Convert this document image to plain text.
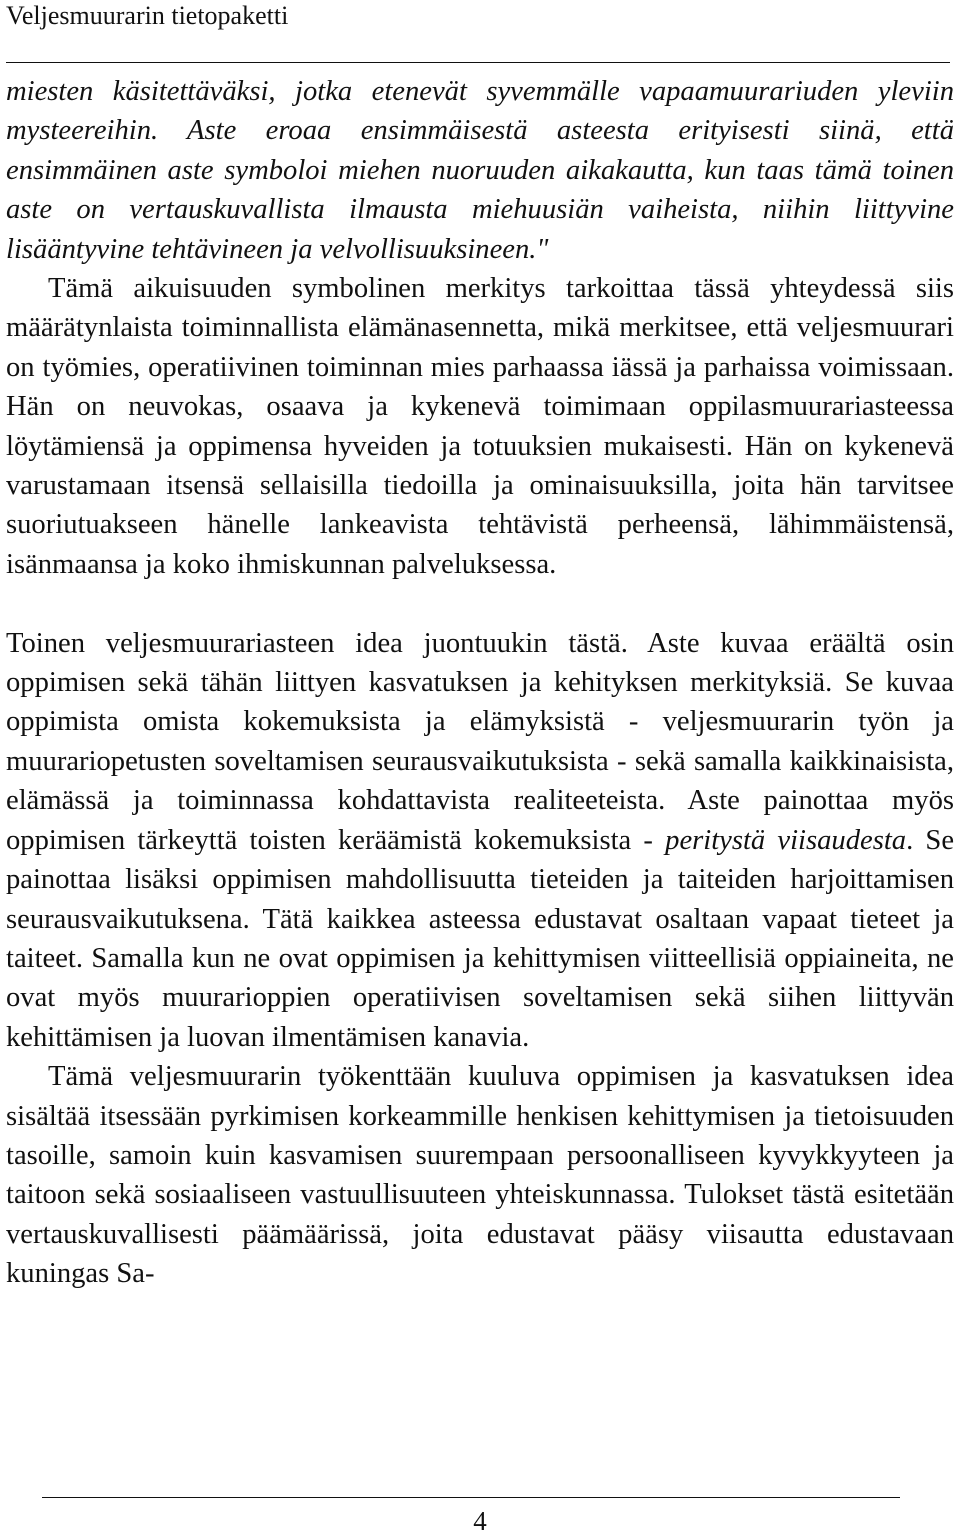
Veljesmuurarin tietopaketti

miesten käsitettäväksi, jotka etenevät syvemmälle vapaamuurariuden yleviin mysteereihin. Aste eroaa ensimmäisestä asteesta erityisesti siinä, että ensimmäinen aste symboloi miehen nuoruuden aikakautta, kun taas tämä toinen aste on vertauskuvallista ilmausta miehuusiän vaiheista, niihin liittyvine lisääntyvine tehtävineen ja velvollisuuksineen."

Tämä aikuisuuden symbolinen merkitys tarkoittaa tässä yhteydessä siis määrätynlaista toiminnallista elämänasennetta, mikä merkitsee, että veljesmuurari on työmies, operatiivinen toiminnan mies parhaassa iässä ja parhaissa voimissaan. Hän on neuvokas, osaava ja kykenevä toimimaan oppilasmuurariasteessa löytämiensä ja oppimensa hyveiden ja totuuksien mukaisesti. Hän on kykenevä varustamaan itsensä sellaisilla tiedoilla ja ominaisuuksilla, joita hän tarvitsee suoriutuakseen hänelle lankeavista tehtävistä perheensä, lähimmäistensä, isänmaansa ja koko ihmiskunnan palveluksessa.

Toinen veljesmuurariasteen idea juontuukin tästä. Aste kuvaa eräältä osin oppimisen sekä tähän liittyen kasvatuksen ja kehityksen merkityksiä. Se kuvaa oppimista omista kokemuksista ja elämyksistä - veljesmuurarin työn ja muurariopetusten soveltamisen seurausvaikutuksista - sekä samalla kaikkinaisista, elämässä ja toiminnassa kohdattavista realiteeteista. Aste painottaa myös oppimisen tärkeyttä toisten keräämistä kokemuksista - peritystä viisaudesta. Se painottaa lisäksi oppimisen mahdollisuutta tieteiden ja taiteiden harjoittamisen seurausvaikutuksena. Tätä kaikkea asteessa edustavat osaltaan vapaat tieteet ja taiteet. Samalla kun ne ovat oppimisen ja kehittymisen viitteellisiä oppiaineita, ne ovat myös muurarioppien operatiivisen soveltamisen sekä siihen liittyvän kehittämisen ja luovan ilmentämisen kanavia.

Tämä veljesmuurarin työkenttään kuuluva oppimisen ja kasvatuksen idea sisältää itsessään pyrkimisen korkeammille henkisen kehittymisen ja tietoisuuden tasoille, samoin kuin kasvamisen suurempaan persoonalliseen kyvykkyyteen ja taitoon sekä sosiaaliseen vastuullisuuteen yhteiskunnassa. Tulokset tästä esitetään vertauskuvallisesti päämäärissä, joita edustavat pääsy viisautta edustavaan kuningas Sa-

4
